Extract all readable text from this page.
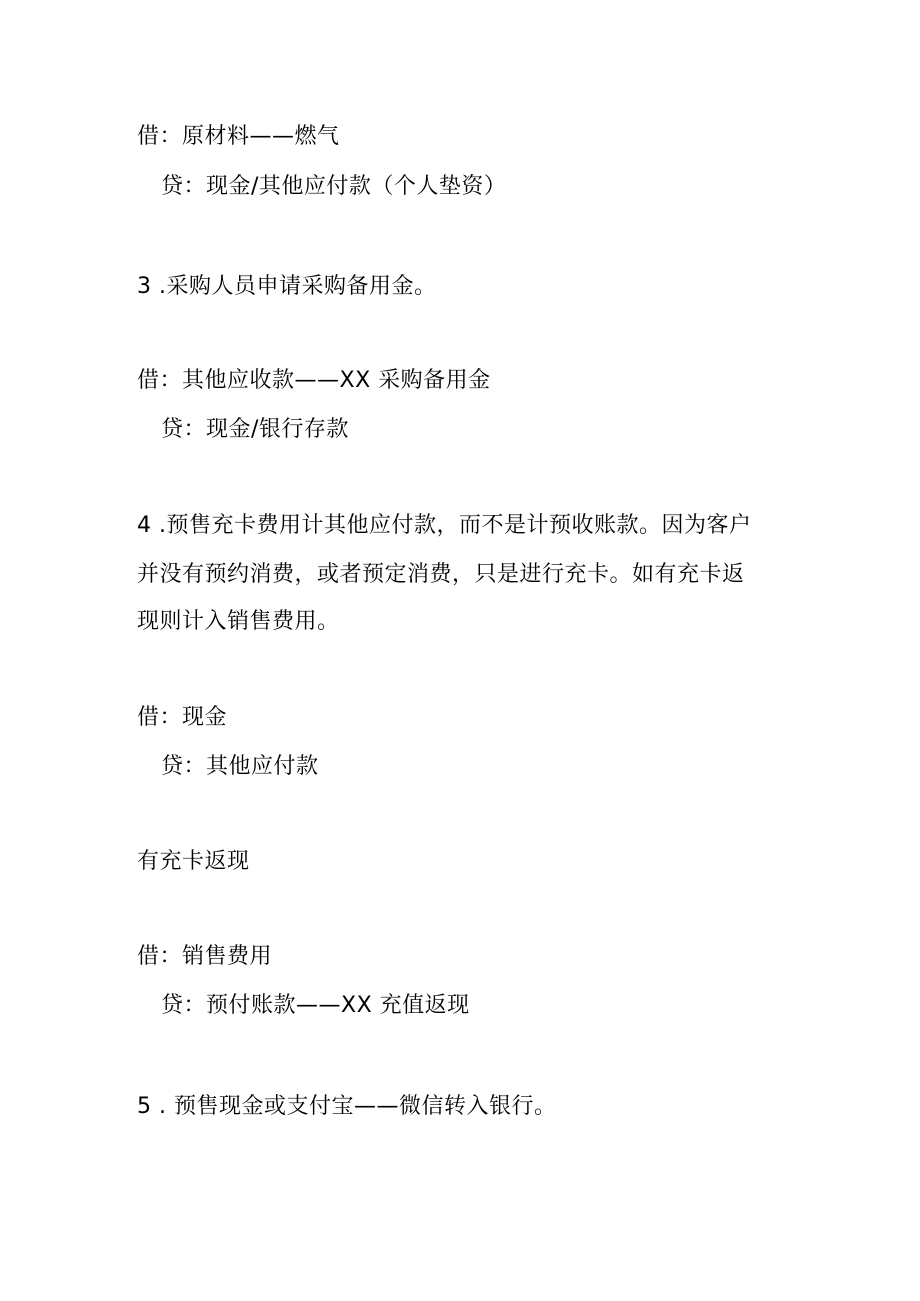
借：原材料——燃气
贷：现金/其他应付款（个人垫资）
3 .采购人员申请采购备用金。
借：其他应收款——XX 采购备用金
贷：现金/银行存款
4 .预售充卡费用计其他应付款，而不是计预收账款。因为客户
并没有预约消费，或者预定消费，只是进行充卡。如有充卡返
现则计入销售费用。
借：现金
贷：其他应付款
有充卡返现
借：销售费用
贷：预付账款——XX 充值返现
5 . 预售现金或支付宝——微信转入银行。
